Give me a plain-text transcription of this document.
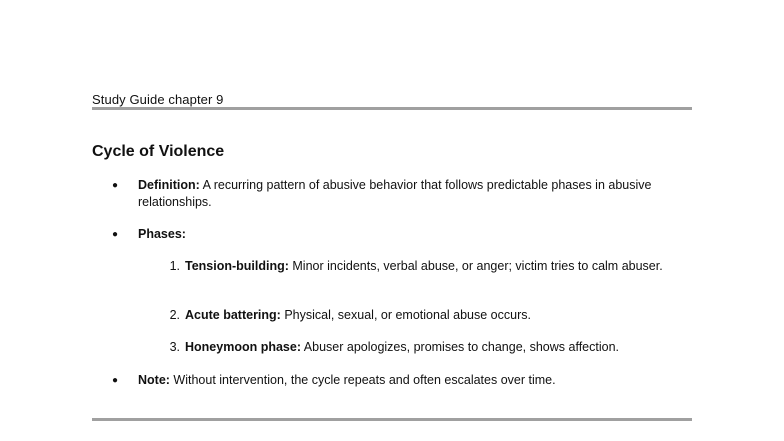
Study Guide chapter 9
Cycle of Violence
●	Definition: A recurring pattern of abusive behavior that follows predictable phases in abusive relationships.
●	Phases:
1. Tension-building: Minor incidents, verbal abuse, or anger; victim tries to calm abuser.
2. Acute battering: Physical, sexual, or emotional abuse occurs.
3. Honeymoon phase: Abuser apologizes, promises to change, shows affection.
●	Note: Without intervention, the cycle repeats and often escalates over time.
